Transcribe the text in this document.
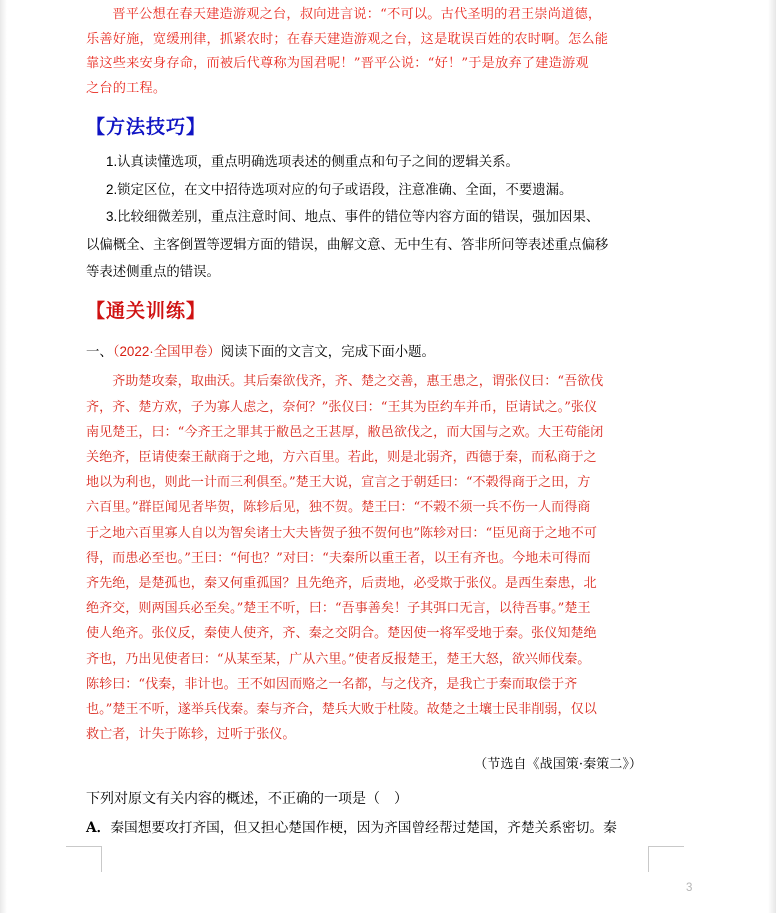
晋平公想在春天建造游观之台，叔向进言说：“不可以。古代圣明的君王崇尚道德，

乐善好施，宽缓刑律，抓紧农时；在春天建造游观之台，这是耽误百姓的农时啊。怎么能

靠这些来安身存命，而被后代尊称为国君呢！”晋平公说：“好！”于是放弃了建造游观

之台的工程。

【方法技巧】

1.认真读懂选项，重点明确选项表述的侧重点和句子之间的逻辑关系。

2.锁定区位，在文中招待选项对应的句子或语段，注意准确、全面，不要遗漏。

3.比较细微差别，重点注意时间、地点、事件的错位等内容方面的错误，强加因果、

以偏概全、主客倒置等逻辑方面的错误，曲解文意、无中生有、答非所问等表述重点偏移

等表述侧重点的错误。

【通关训练】

一、（2022·全国甲卷）阅读下面的文言文，完成下面小题。

齐助楚攻秦，取曲沃。其后秦欲伐齐，齐、楚之交善，惠王患之，谓张仪曰：“吾欲伐

齐，齐、楚方欢，子为寡人虑之，奈何？”张仪曰：“王其为臣约车并币，臣请试之。”张仪

南见楚王，曰：“今齐王之罪其于敝邑之王甚厚，敝邑欲伐之，而大国与之欢。大王苟能闭

关绝齐，臣请使秦王献商于之地，方六百里。若此，则是北弱齐，西德于秦，而私商于之

地以为利也，则此一计而三利俱至。”楚王大说，宣言之于朝廷曰：“不榖得商于之田，方

六百里。”群臣闻见者毕贺，陈轸后见，独不贺。楚王曰：“不榖不须一兵不伤一人而得商

于之地六百里寡人自以为智矣诸士大夫皆贺子独不贺何也”陈轸对曰：“臣见商于之地不可

得，而患必至也。”王曰：“何也？”对曰：“夫秦所以重王者，以王有齐也。今地未可得而

齐先绝，是楚孤也，秦又何重孤国？且先绝齐，后责地，必受欺于张仪。是西生秦患，北

绝齐交，则两国兵必至矣。”楚王不听，曰：“吾事善矣！子其弭口无言，以待吾事。”楚王

使人绝齐。张仪反，秦使人使齐，齐、秦之交阴合。楚因使一将军受地于秦。张仪知楚绝

齐也，乃出见使者曰：“从某至某，广从六里。”使者反报楚王，楚王大怒，欲兴师伐秦。

陈轸曰：“伐秦，非计也。王不如因而赂之一名都，与之伐齐，是我亡于秦而取偿于齐

也。”楚王不听，遂举兵伐秦。秦与齐合，楚兵大败于杜陵。故楚之土壤士民非削弱，仅以

救亡者，计失于陈轸，过听于张仪。

（节选自《战国策·秦策二》）

下列对原文有关内容的概述，不正确的一项是（　）

A．秦国想要攻打齐国，但又担心楚国作梗，因为齐国曾经帮过楚国，齐楚关系密切。秦

3
